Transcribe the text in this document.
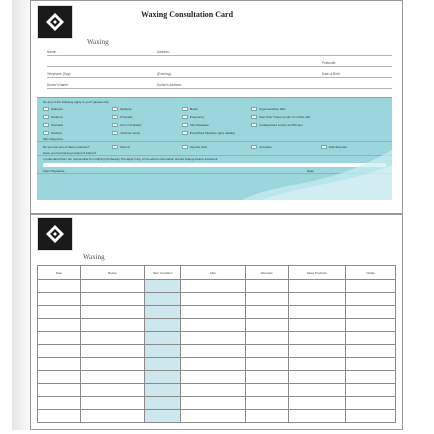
Waxing
Waxing Consultation Card
Name:	Address:
Postcode:
Telephone (Day):	(Evening):	Date of Birth:
Doctor's Name:	Doctor's Address:
Do any of the following apply to you? (please tick)
Diabetes	Epilepsy	Moles	Hypersensitive Skin
Oedema	Psoriasis	Pregnancy	New Scar Tissue (under 3 months old)
Psoriasis	Poor Circulation	Skin Diseases	Undiagnosed Lumps and Bumps
Sunburn	Varicose Veins	Prescribed Medicine (give details)
Skin Diagnosis:
Do you use any of these products?	Retin A	Glycolic Acid	Accutane	AHA Skincare
Have you had waxing treatment before?
I understand that I am responsible for notifying the Beauty Therapist if any of the above information should change before treatment
Client Signature:	Date:
Waxing
Date	Before	Skin Condition	After	Aftercare	Sales Products	Initials
